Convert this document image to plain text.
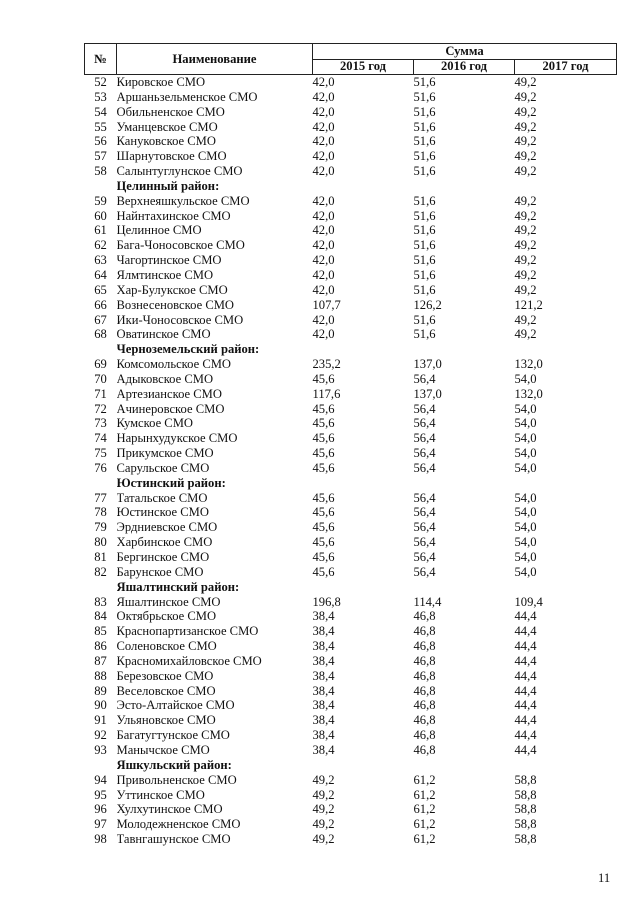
№	Наименование	Сумма		
		2015 год	2016 год	2017 год
52	Кировское СМО	42,0	51,6	49,2
53	Аршаньзельменское СМО	42,0	51,6	49,2
54	Обильненское СМО	42,0	51,6	49,2
55	Уманцевское СМО	42,0	51,6	49,2
56	Кануковское СМО	42,0	51,6	49,2
57	Шарнутовское СМО	42,0	51,6	49,2
58	Салынтуглунское СМО	42,0	51,6	49,2
	Целинный район:			
59	Верхнеяшкульское СМО	42,0	51,6	49,2
60	Найнтахинское СМО	42,0	51,6	49,2
61	Целинное СМО	42,0	51,6	49,2
62	Бага-Чоносовское СМО	42,0	51,6	49,2
63	Чагортинское СМО	42,0	51,6	49,2
64	Ялмтинское СМО	42,0	51,6	49,2
65	Хар-Булукское СМО	42,0	51,6	49,2
66	Вознесеновское СМО	107,7	126,2	121,2
67	Ики-Чоносовское СМО	42,0	51,6	49,2
68	Оватинское СМО	42,0	51,6	49,2
	Черноземельский район:			
69	Комсомольское СМО	235,2	137,0	132,0
70	Адыковское СМО	45,6	56,4	54,0
71	Артезианское СМО	117,6	137,0	132,0
72	Ачинеровское СМО	45,6	56,4	54,0
73	Кумское СМО	45,6	56,4	54,0
74	Нарынхудукское СМО	45,6	56,4	54,0
75	Прикумское СМО	45,6	56,4	54,0
76	Сарульское СМО	45,6	56,4	54,0
	Юстинский район:			
77	Татальское СМО	45,6	56,4	54,0
78	Юстинское СМО	45,6	56,4	54,0
79	Эрдниевское СМО	45,6	56,4	54,0
80	Харбинское СМО	45,6	56,4	54,0
81	Бергинское СМО	45,6	56,4	54,0
82	Барунское СМО	45,6	56,4	54,0
	Яшалтинский район:			
83	Яшалтинское СМО	196,8	114,4	109,4
84	Октябрьское СМО	38,4	46,8	44,4
85	Краснопартизанское СМО	38,4	46,8	44,4
86	Соленовское СМО	38,4	46,8	44,4
87	Красномихайловское СМО	38,4	46,8	44,4
88	Березовское СМО	38,4	46,8	44,4
89	Веселовское СМО	38,4	46,8	44,4
90	Эсто-Алтайское СМО	38,4	46,8	44,4
91	Ульяновское СМО	38,4	46,8	44,4
92	Багатугтунское СМО	38,4	46,8	44,4
93	Манычское СМО	38,4	46,8	44,4
	Яшкульский район:			
94	Привольненское СМО	49,2	61,2	58,8
95	Уттинское СМО	49,2	61,2	58,8
96	Хулхутинское СМО	49,2	61,2	58,8
97	Молодежненское СМО	49,2	61,2	58,8
98	Тавнгашунское СМО	49,2	61,2	58,8
11
